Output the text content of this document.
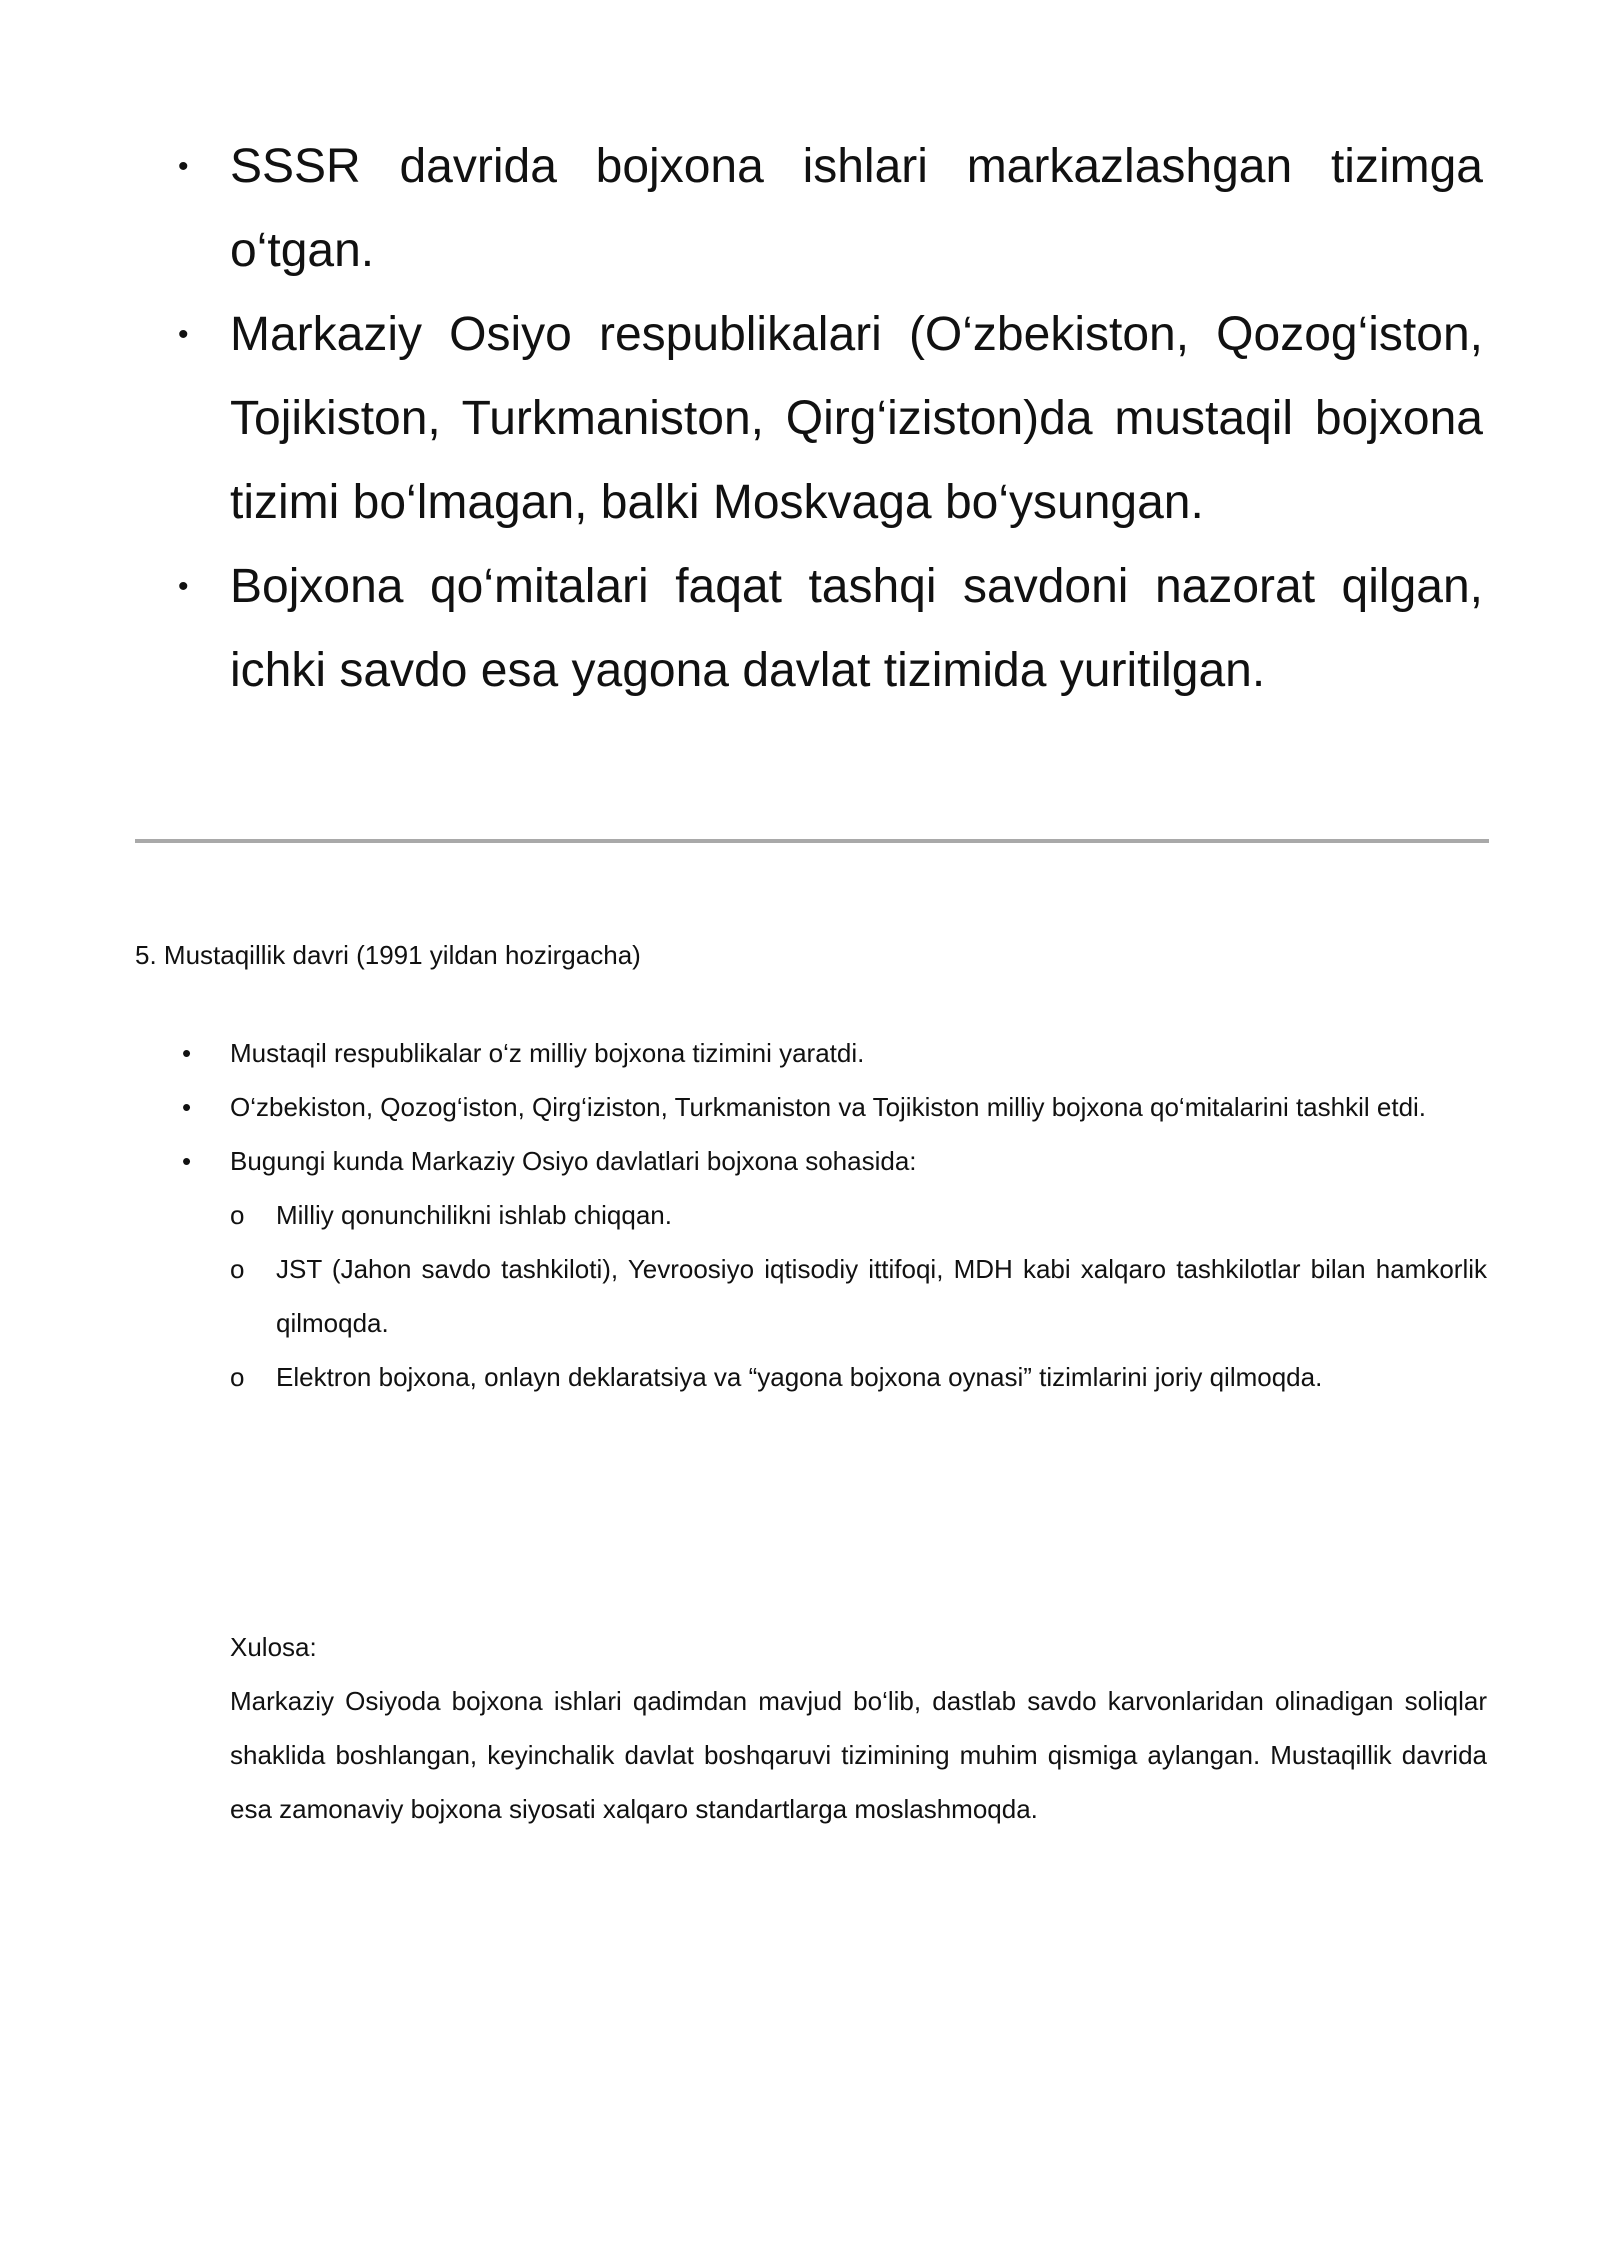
• SSSR davrida bojxona ishlari markazlashgan tizimga o‘tgan.
• Markaziy Osiyo respublikalari (O‘zbekiston, Qozog‘iston, Tojikiston, Turkmaniston, Qirg‘iziston)da mustaqil bojxona tizimi bo‘lmagan, balki Moskvaga bo‘ysungan.
• Bojxona qo‘mitalari faqat tashqi savdoni nazorat qilgan, ichki savdo esa yagona davlat tizimida yuritilgan.
5. Mustaqillik davri (1991 yildan hozirgacha)
• Mustaqil respublikalar o‘z milliy bojxona tizimini yaratdi.
• O‘zbekiston, Qozog‘iston, Qirg‘iziston, Turkmaniston va Tojikiston milliy bojxona qo‘mitalarini tashkil etdi.
• Bugungi kunda Markaziy Osiyo davlatlari bojxona sohasida:
o Milliy qonunchilikni ishlab chiqqan.
o JST (Jahon savdo tashkiloti), Yevroosiyo iqtisodiy ittifoqi, MDH kabi xalqaro tashkilotlar bilan hamkorlik qilmoqda.
o Elektron bojxona, onlayn deklaratsiya va “yagona bojxona oynasi” tizimlarini joriy qilmoqda.

Xulosa:

Markaziy Osiyoda bojxona ishlari qadimdan mavjud bo‘lib, dastlab savdo karvonlaridan olinadigan soliqlar shaklida boshlangan, keyinchalik davlat boshqaruvi tizimining muhim qismiga aylangan. Mustaqillik davrida esa zamonaviy bojxona siyosati xalqaro standartlarga moslashmoqda.
